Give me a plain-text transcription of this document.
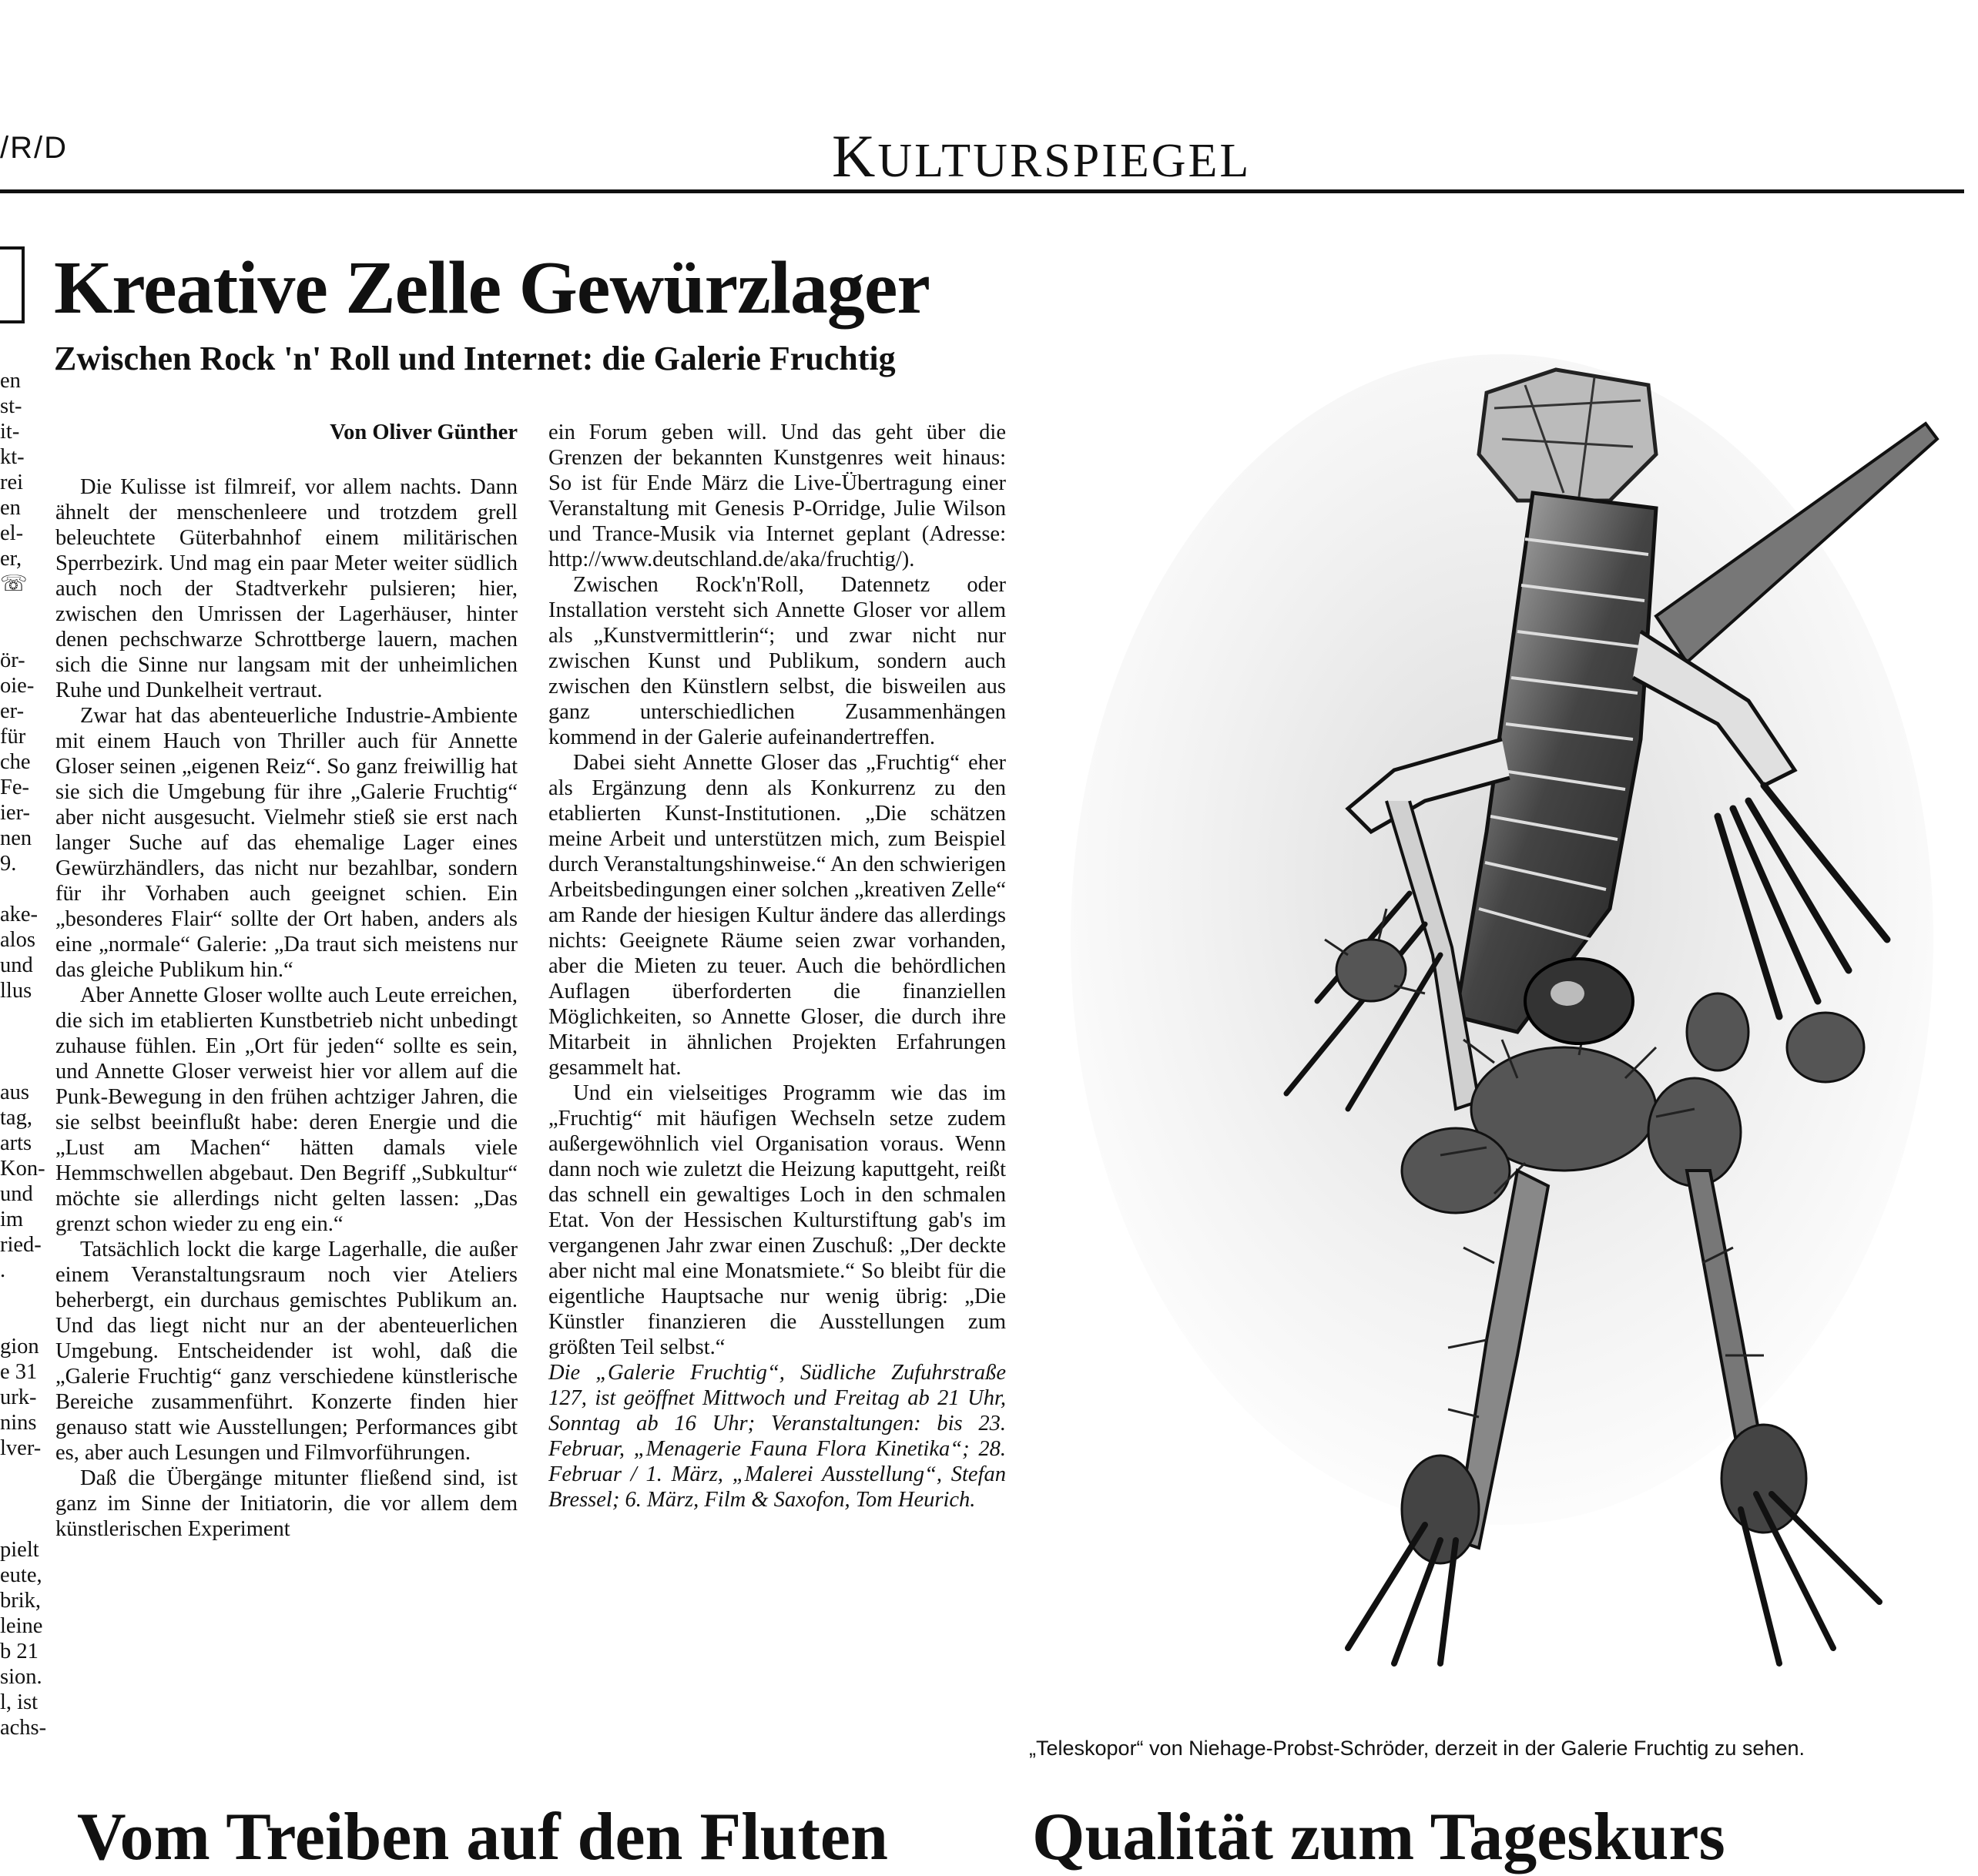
/R/D	KULTURSPIEGEL
Kreative Zelle Gewürzlager
Zwischen Rock 'n' Roll und Internet: die Galerie Fruchtig
en
st-
it-
kt-
rei
en
el-
er,
☏

ör-
oie-
er-
für
che
Fe-
ier-
nen
9.

ake-
alos
und
llus

aus
tag,
arts
Kon-
und
im
ried-
.

gion
e 31
urk-
nins
lver-

pielt
eute,
brik,
leine
b 21
sion.
l, ist
achs-

Von Oliver Günther

Die Kulisse ist filmreif, vor allem nachts. Dann ähnelt der menschenleere und trotzdem grell beleuchtete Güterbahnhof einem militärischen Sperrbezirk. Und mag ein paar Meter weiter südlich auch noch der Stadtverkehr pulsieren; hier, zwischen den Umrissen der Lagerhäuser, hinter denen pechschwarze Schrottberge lauern, machen sich die Sinne nur langsam mit der unheimlichen Ruhe und Dunkelheit vertraut.

Zwar hat das abenteuerliche Industrie-Ambiente mit einem Hauch von Thriller auch für Annette Gloser seinen „eigenen Reiz“. So ganz freiwillig hat sie sich die Umgebung für ihre „Galerie Fruchtig“ aber nicht ausgesucht. Vielmehr stieß sie erst nach langer Suche auf das ehemalige Lager eines Gewürzhändlers, das nicht nur bezahlbar, sondern für ihr Vorhaben auch geeignet schien. Ein „besonderes Flair“ sollte der Ort haben, anders als eine „normale“ Galerie: „Da traut sich meistens nur das gleiche Publikum hin.“

Aber Annette Gloser wollte auch Leute erreichen, die sich im etablierten Kunstbetrieb nicht unbedingt zuhause fühlen. Ein „Ort für jeden“ sollte es sein, und Annette Gloser verweist hier vor allem auf die Punk-Bewegung in den frühen achtziger Jahren, die sie selbst beeinflußt habe: deren Energie und die „Lust am Machen“ hätten damals viele Hemmschwellen abgebaut. Den Begriff „Subkultur“ möchte sie allerdings nicht gelten lassen: „Das grenzt schon wieder zu eng ein.“

Tatsächlich lockt die karge Lagerhalle, die außer einem Veranstaltungsraum noch vier Ateliers beherbergt, ein durchaus gemischtes Publikum an. Und das liegt nicht nur an der abenteuerlichen Umgebung. Entscheidender ist wohl, daß die „Galerie Fruchtig“ ganz verschiedene künstlerische Bereiche zusammenführt. Konzerte finden hier genauso statt wie Ausstellungen; Performances gibt es, aber auch Lesungen und Filmvorführungen.

Daß die Übergänge mitunter fließend sind, ist ganz im Sinne der Initiatorin, die vor allem dem künstlerischen Experiment

ein Forum geben will. Und das geht über die Grenzen der bekannten Kunstgenres weit hinaus: So ist für Ende März die Live-Übertragung einer Veranstaltung mit Genesis P-Orridge, Julie Wilson und Trance-Musik via Internet geplant (Adresse: http://www.deutschland.de/aka/fruchtig/).

Zwischen Rock'n'Roll, Datennetz oder Installation versteht sich Annette Gloser vor allem als „Kunstvermittlerin“; und zwar nicht nur zwischen Kunst und Publikum, sondern auch zwischen den Künstlern selbst, die bisweilen aus ganz unterschiedlichen Zusammenhängen kommend in der Galerie aufeinandertreffen.

Dabei sieht Annette Gloser das „Fruchtig“ eher als Ergänzung denn als Konkurrenz zu den etablierten Kunst-Institutionen. „Die schätzen meine Arbeit und unterstützen mich, zum Beispiel durch Veranstaltungshinweise.“ An den schwierigen Arbeitsbedingungen einer solchen „kreativen Zelle“ am Rande der hiesigen Kultur ändere das allerdings nichts: Geeignete Räume seien zwar vorhanden, aber die Mieten zu teuer. Auch die behördlichen Auflagen überforderten die finanziellen Möglichkeiten, so Annette Gloser, die durch ihre Mitarbeit in ähnlichen Projekten Erfahrungen gesammelt hat.

Und ein vielseitiges Programm wie das im „Fruchtig“ mit häufigen Wechseln setze zudem außergewöhnlich viel Organisation voraus. Wenn dann noch wie zuletzt die Heizung kaputtgeht, reißt das schnell ein gewaltiges Loch in den schmalen Etat. Von der Hessischen Kulturstiftung gab's im vergangenen Jahr zwar einen Zuschuß: „Der deckte aber nicht mal eine Monatsmiete.“ So bleibt für die eigentliche Hauptsache nur wenig übrig: „Die Künstler finanzieren die Ausstellungen zum größten Teil selbst.“

Die „Galerie Fruchtig“, Südliche Zufuhrstraße 127, ist geöffnet Mittwoch und Freitag ab 21 Uhr, Sonntag ab 16 Uhr; Veranstaltungen: bis 23. Februar, „Menagerie Fauna Flora Kinetika“; 28. Februar / 1. März, „Malerei Ausstellung“, Stefan Bressel; 6. März, Film & Saxofon, Tom Heurich.

„Teleskopor“ von Niehage-Probst-Schröder, derzeit in der Galerie Fruchtig zu sehen.
Vom Treiben auf den Fluten Qualität zum Tageskurs
